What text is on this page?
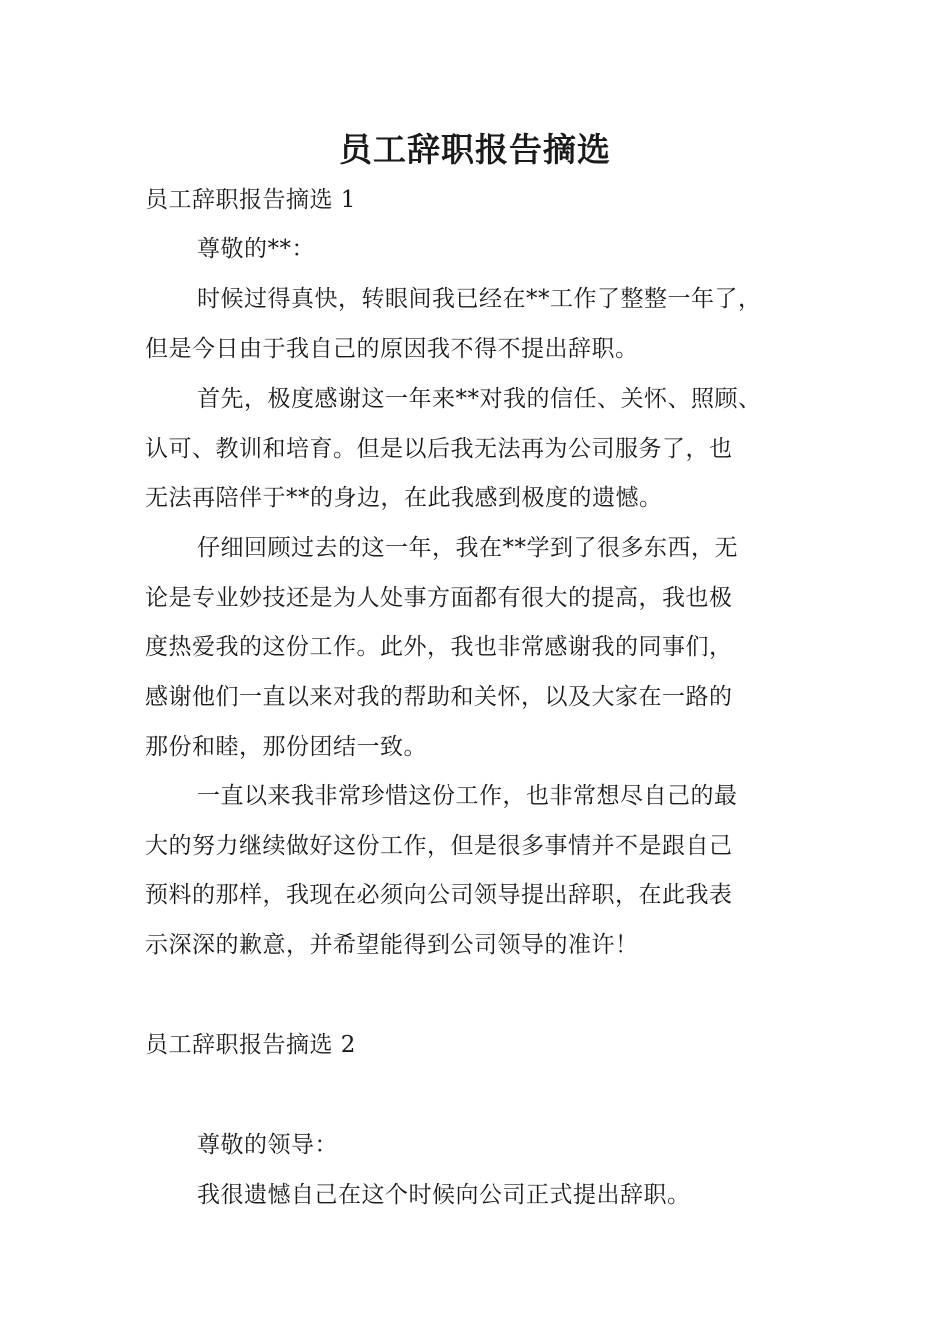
员工辞职报告摘选
员工辞职报告摘选 1
尊敬的**：
时候过得真快，转眼间我已经在**工作了整整一年了，
但是今日由于我自己的原因我不得不提出辞职。
首先，极度感谢这一年来**对我的信任、关怀、照顾、
认可、教训和培育。但是以后我无法再为公司服务了，也
无法再陪伴于**的身边，在此我感到极度的遗憾。
仔细回顾过去的这一年，我在**学到了很多东西，无
论是专业妙技还是为人处事方面都有很大的提高，我也极
度热爱我的这份工作。此外，我也非常感谢我的同事们，
感谢他们一直以来对我的帮助和关怀，以及大家在一路的
那份和睦，那份团结一致。
一直以来我非常珍惜这份工作，也非常想尽自己的最
大的努力继续做好这份工作，但是很多事情并不是跟自己
预料的那样，我现在必须向公司领导提出辞职，在此我表
示深深的歉意，并希望能得到公司领导的准许！
员工辞职报告摘选 2
尊敬的领导：
我很遗憾自己在这个时候向公司正式提出辞职。
